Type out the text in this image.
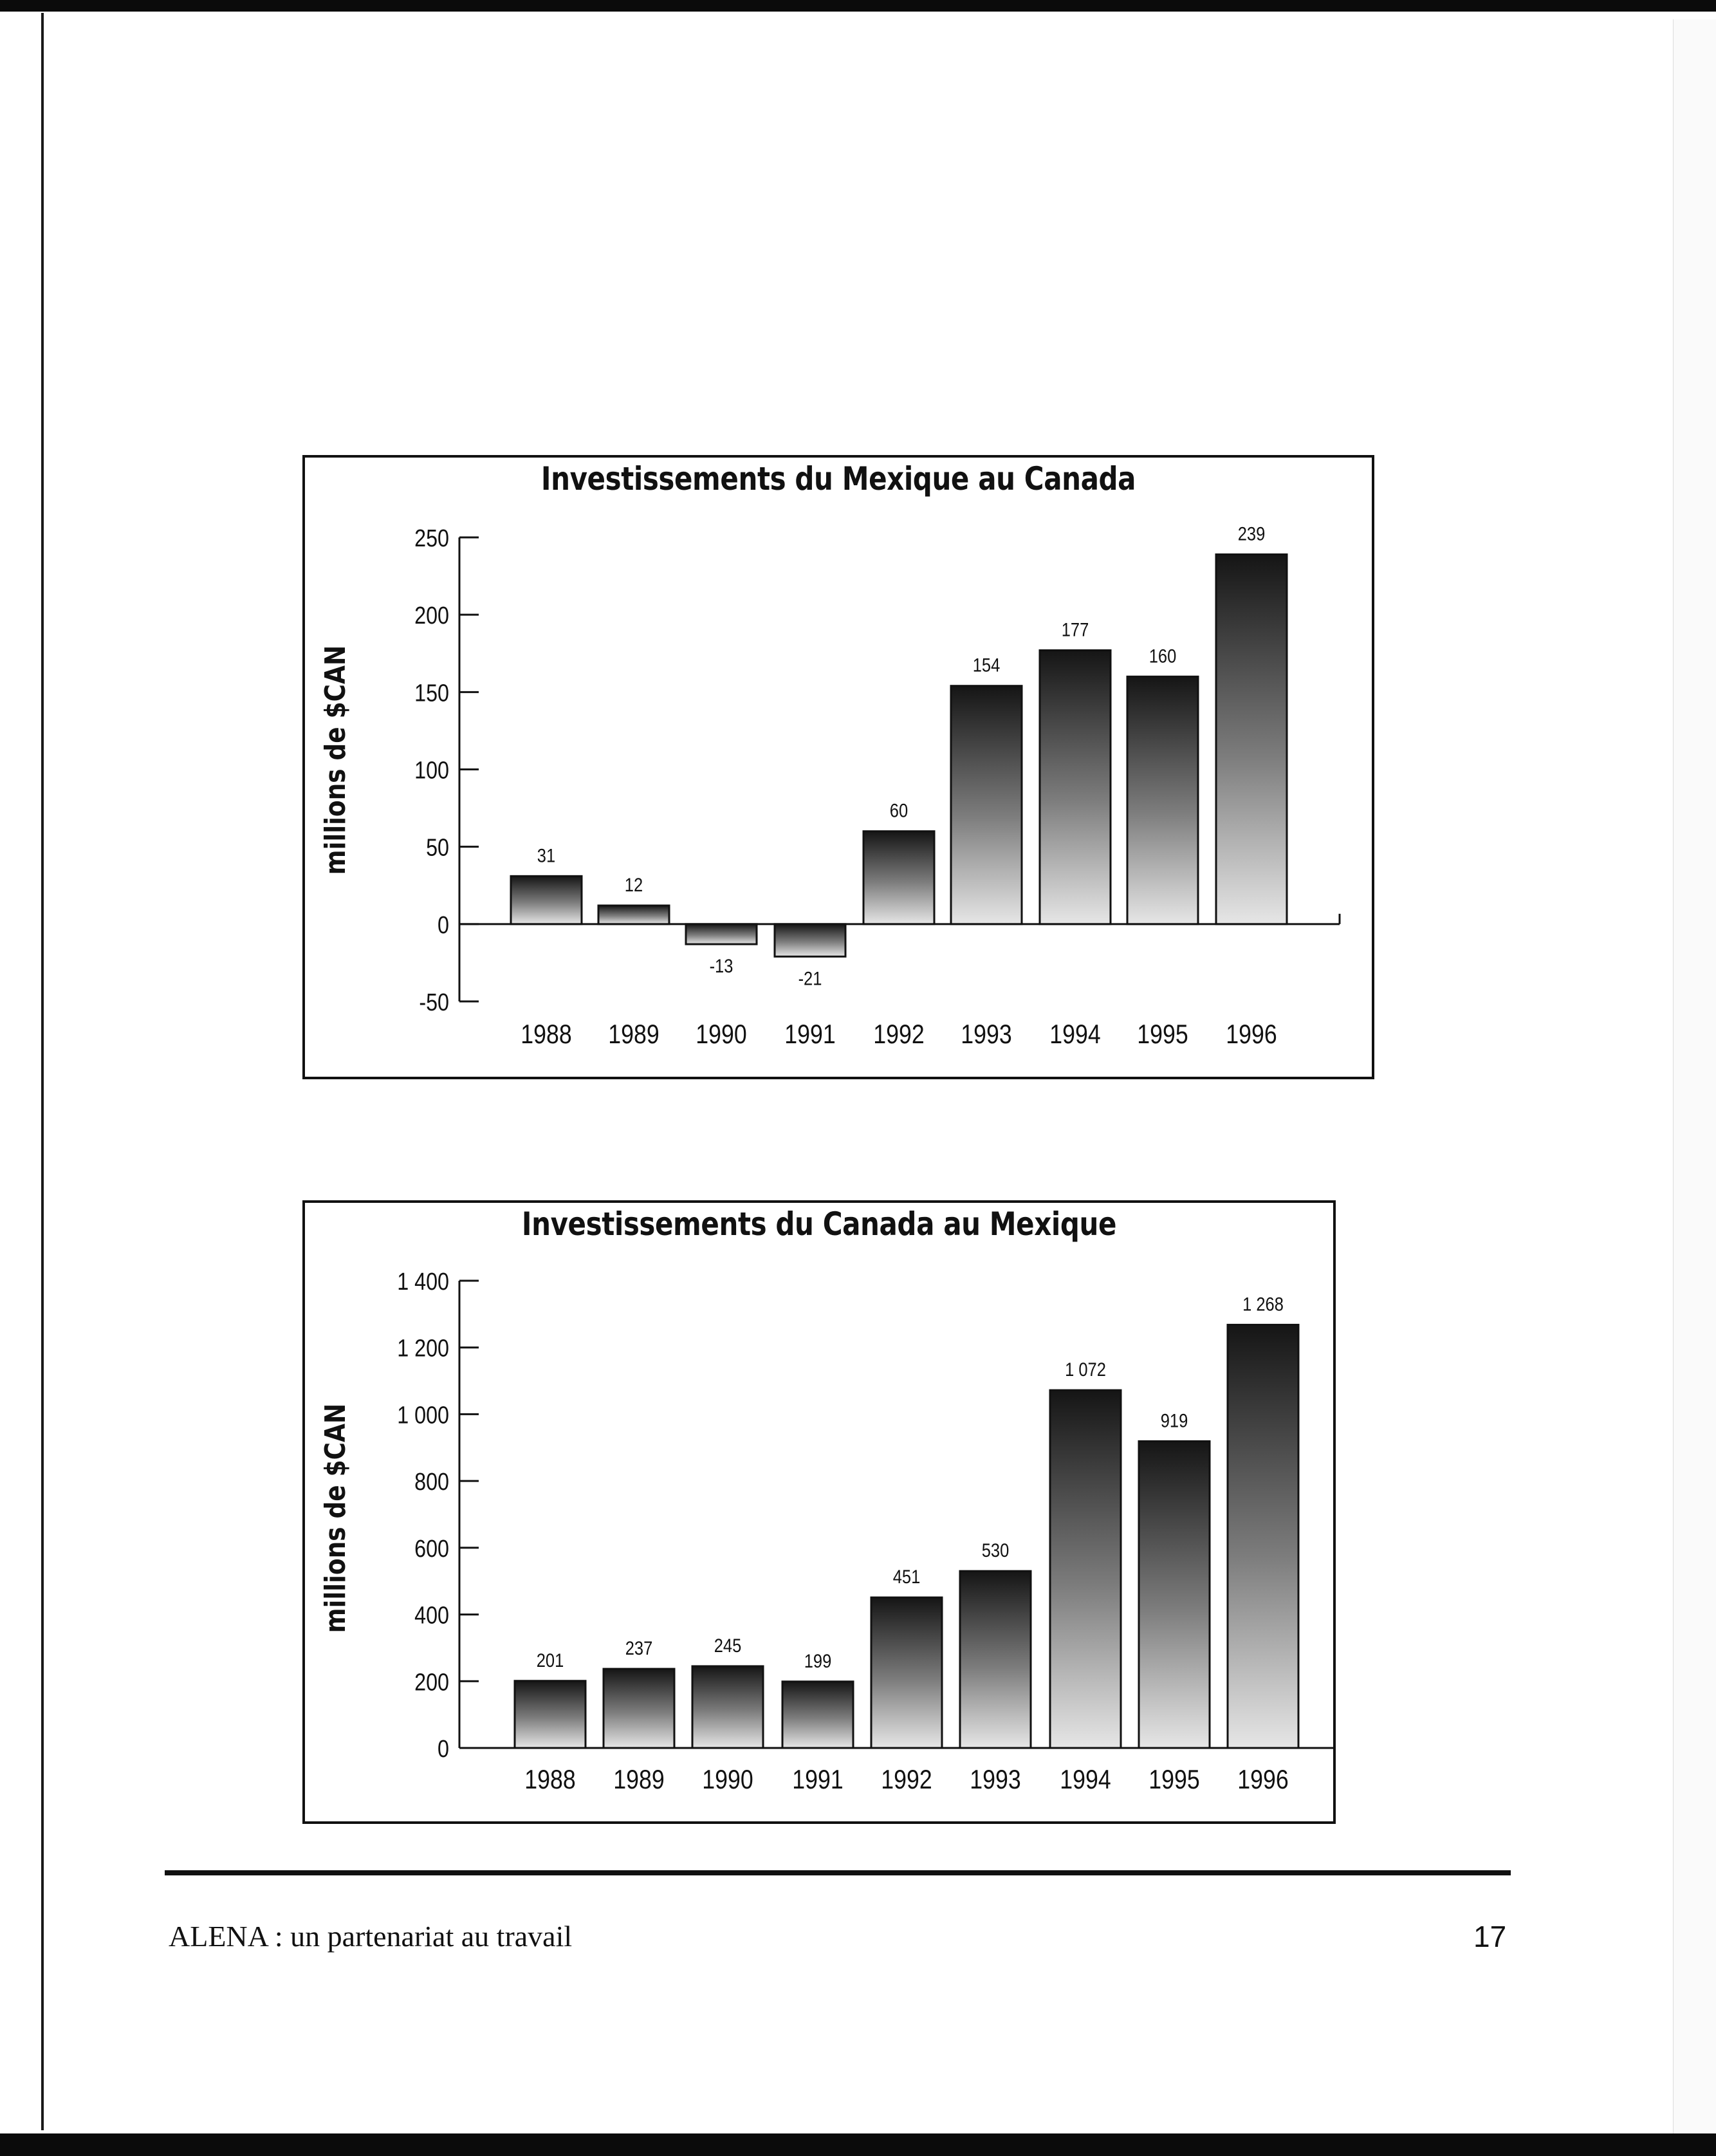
Investissements du Mexique au Canada
250
200
150
100
50
0
-50
millions de $CAN	31
1988
12
1989
-13
1990
-21
1991
60
1992
154
1993
177
1994
160
1995
239
1996
Investissements du Canada au Mexique
1 400
1 200
1 000
800
600
400
200
0
millions de $CAN
201
1988
237
1989
245
1990
199
1991
451
1992
530
1993
1 072
1994
919
1995
1 268
1996
ALENA : un partenariat au travail	17
